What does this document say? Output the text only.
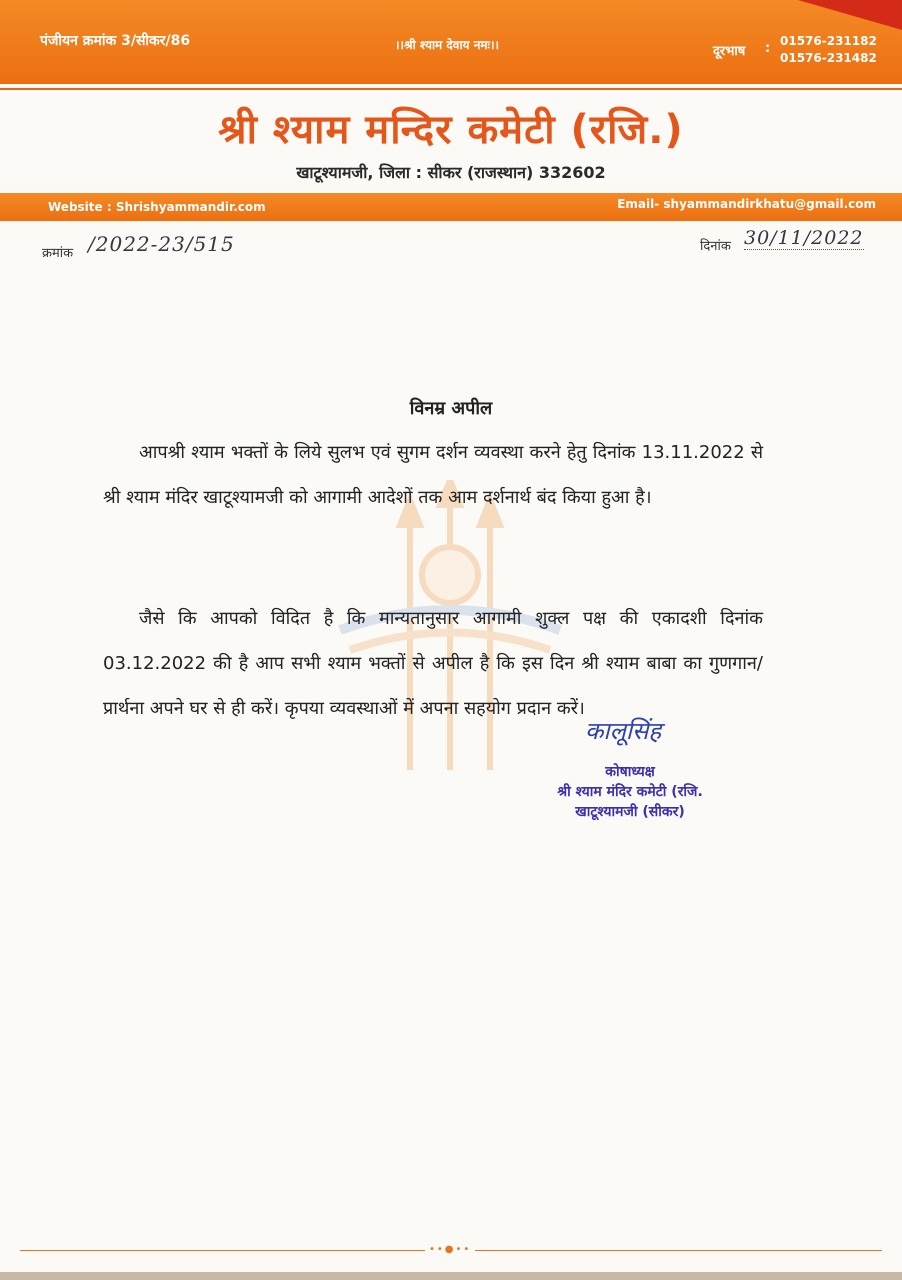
पंजीयन क्रमांक 3/सीकर/86	।।श्री श्याम देवाय नमः।।	दूरभाष : 01576-231182
01576-231482
श्री श्याम मन्दिर कमेटी (रजि.)
खाटूश्यामजी, जिला : सीकर (राजस्थान) 332602
Website : Shrishyammandir.com	Email- shyammandirkhatu@gmail.com
क्रमांक /2022-23/515	दिनांक 30/11/2022
विनम्र अपील
आपश्री श्याम भक्तों के लिये सुलभ एवं सुगम दर्शन व्यवस्था करने हेतु दिनांक 13.11.2022 से श्री श्याम मंदिर खाटूश्यामजी को आगामी आदेशों तक आम दर्शनार्थ बंद किया हुआ है।
जैसे कि आपको विदित है कि मान्यतानुसार आगामी शुक्ल पक्ष की एकादशी दिनांक 03.12.2022 की है आप सभी श्याम भक्तों से अपील है कि इस दिन श्री श्याम बाबा का गुणगान/प्रार्थना अपने घर से ही करें। कृपया व्यवस्थाओं में अपना सहयोग प्रदान करें।
कालूसिंह
कोषाध्यक्ष
श्री श्याम मंदिर कमेटी (रजि.
खाटूश्यामजी (सीकर)
••●••
